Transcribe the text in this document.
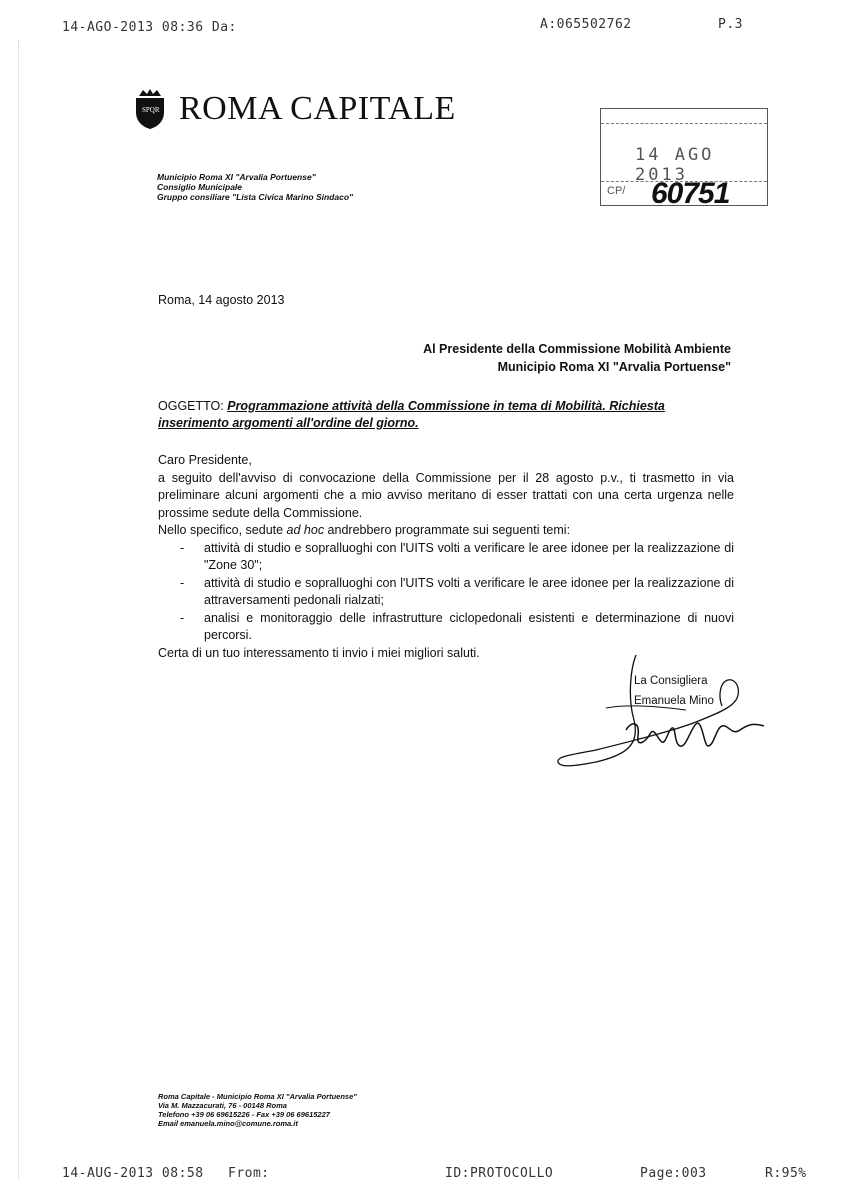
14-AGO-2013 08:36 Da:	A:065502762	P.3
SPQR ROMA CAPITALE
Municipio Roma XI "Arvalia Portuense"
Consiglio Municipale
Gruppo consiliare "Lista Civica Marino Sindaco"
14 AGO 2013
CP/ 60751
Roma, 14 agosto 2013
Al Presidente della Commissione Mobilità Ambiente
Municipio Roma XI "Arvalia Portuense"
OGGETTO: Programmazione attività della Commissione in tema di Mobilità. Richiesta inserimento argomenti all'ordine del giorno.

Caro Presidente,

a seguito dell'avviso di convocazione della Commissione per il 28 agosto p.v., ti trasmetto in via preliminare alcuni argomenti che a mio avviso meritano di esser trattati con una certa urgenza nelle prossime sedute della Commissione.

Nello specifico, sedute ad hoc andrebbero programmate sui seguenti temi:

- attività di studio e sopralluoghi con l'UITS volti a verificare le aree idonee per la realizzazione di "Zone 30";
- attività di studio e sopralluoghi con l'UITS volti a verificare le aree idonee per la realizzazione di attraversamenti pedonali rialzati;
- analisi e monitoraggio delle infrastrutture ciclopedonali esistenti e determinazione di nuovi percorsi.

Certa di un tuo interessamento ti invio i miei migliori saluti.

La Consigliera
Emanuela Mino
Roma Capitale - Municipio Roma XI "Arvalia Portuense"
Via M. Mazzacurati, 76 - 00148 Roma
Telefono +39 06 69615226 - Fax +39 06 69615227
Email emanuela.mino@comune.roma.it
14-AUG-2013 08:58 From:	ID:PROTOCOLLO	Page:003	R:95%
